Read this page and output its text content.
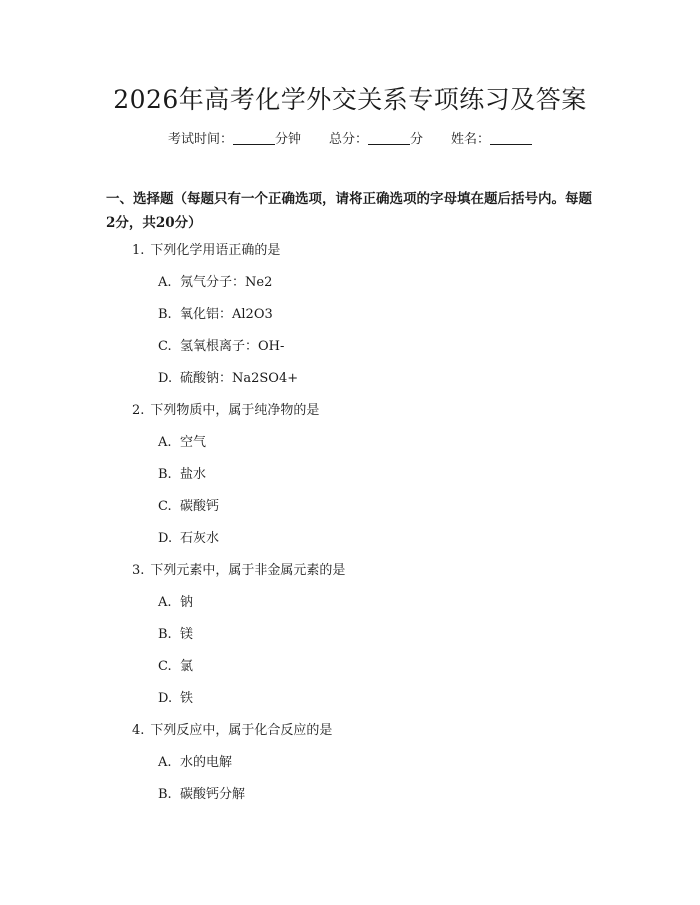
2026年高考化学外交关系专项练习及答案
考试时间：	分钟 总分：	分 姓名：
一、选择题（每题只有一个正确选项，请将正确选项的字母填在题后括号内。每题2分，共20分）
1. 下列化学用语正确的是
A. 氖气分子：Ne2
B. 氧化铝：Al2O3
C. 氢氧根离子：OH-
D. 硫酸钠：Na2SO4+
2. 下列物质中，属于纯净物的是
A. 空气
B. 盐水
C. 碳酸钙
D. 石灰水
3. 下列元素中，属于非金属元素的是
A. 钠
B. 镁
C. 氯
D. 铁
4. 下列反应中，属于化合反应的是
A. 水的电解
B. 碳酸钙分解
